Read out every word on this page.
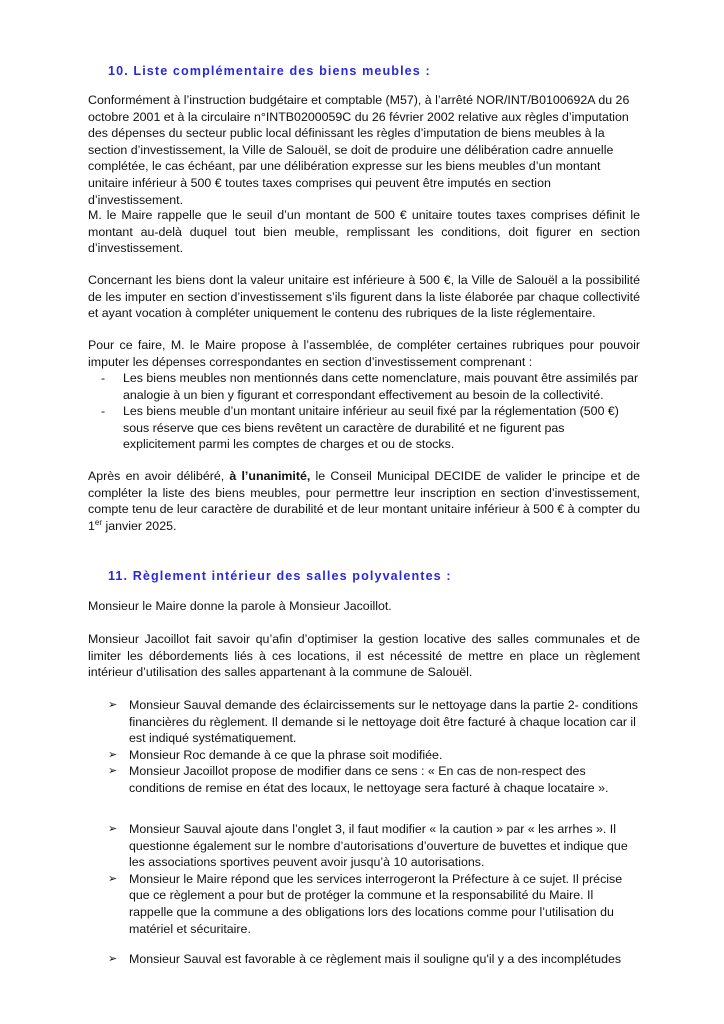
10. Liste complémentaire des biens meubles :

Conformément à l’instruction budgétaire et comptable (M57), à l’arrêté NOR/INT/B0100692A du 26 octobre 2001 et à la circulaire n°INTB0200059C du 26 février 2002 relative aux règles d’imputation des dépenses du secteur public local définissant les règles d’imputation de biens meubles à la section d’investissement, la Ville de Salouël, se doit de produire une délibération cadre annuelle complétée, le cas échéant, par une délibération expresse sur les biens meubles d’un montant unitaire inférieur à 500 € toutes taxes comprises qui peuvent être imputés en section d’investissement.

M. le Maire rappelle que le seuil d’un montant de 500 € unitaire toutes taxes comprises définit le montant au-delà duquel tout bien meuble, remplissant les conditions, doit figurer en section d’investissement.

Concernant les biens dont la valeur unitaire est inférieure à 500 €, la Ville de Salouël a la possibilité de les imputer en section d’investissement s’ils figurent dans la liste élaborée par chaque collectivité et ayant vocation à compléter uniquement le contenu des rubriques de la liste réglementaire.

Pour ce faire, M. le Maire propose à l’assemblée, de compléter certaines rubriques pour pouvoir imputer les dépenses correspondantes en section d’investissement comprenant :

- Les biens meubles non mentionnés dans cette nomenclature, mais pouvant être assimilés par analogie à un bien y figurant et correspondant effectivement au besoin de la collectivité.
- Les biens meuble d’un montant unitaire inférieur au seuil fixé par la réglementation (500 €) sous réserve que ces biens revêtent un caractère de durabilité et ne figurent pas explicitement parmi les comptes de charges et ou de stocks.

Après en avoir délibéré, à l’unanimité, le Conseil Municipal DECIDE de valider le principe et de compléter la liste des biens meubles, pour permettre leur inscription en section d’investissement, compte tenu de leur caractère de durabilité et de leur montant unitaire inférieur à 500 € à compter du 1er janvier 2025.

11. Règlement intérieur des salles polyvalentes :

Monsieur le Maire donne la parole à Monsieur Jacoillot.

Monsieur Jacoillot fait savoir qu’afin d’optimiser la gestion locative des salles communales et de limiter les débordements liés à ces locations, il est nécessité de mettre en place un règlement intérieur d’utilisation des salles appartenant à la commune de Salouël.

➢ Monsieur Sauval demande des éclaircissements sur le nettoyage dans la partie 2- conditions financières du règlement. Il demande si le nettoyage doit être facturé à chaque location car il est indiqué systématiquement.
➢ Monsieur Roc demande à ce que la phrase soit modifiée.
➢ Monsieur Jacoillot propose de modifier dans ce sens : « En cas de non-respect des conditions de remise en état des locaux, le nettoyage sera facturé à chaque locataire ».
➢ Monsieur Sauval ajoute dans l’onglet 3, il faut modifier « la caution » par « les arrhes ». Il questionne également sur le nombre d’autorisations d’ouverture de buvettes et indique que les associations sportives peuvent avoir jusqu’à 10 autorisations.
➢ Monsieur le Maire répond que les services interrogeront la Préfecture à ce sujet. Il précise que ce règlement a pour but de protéger la commune et la responsabilité du Maire. Il rappelle que la commune a des obligations lors des locations comme pour l’utilisation du matériel et sécuritaire.
➢ Monsieur Sauval est favorable à ce règlement mais il souligne qu'il y a des incomplétudes
